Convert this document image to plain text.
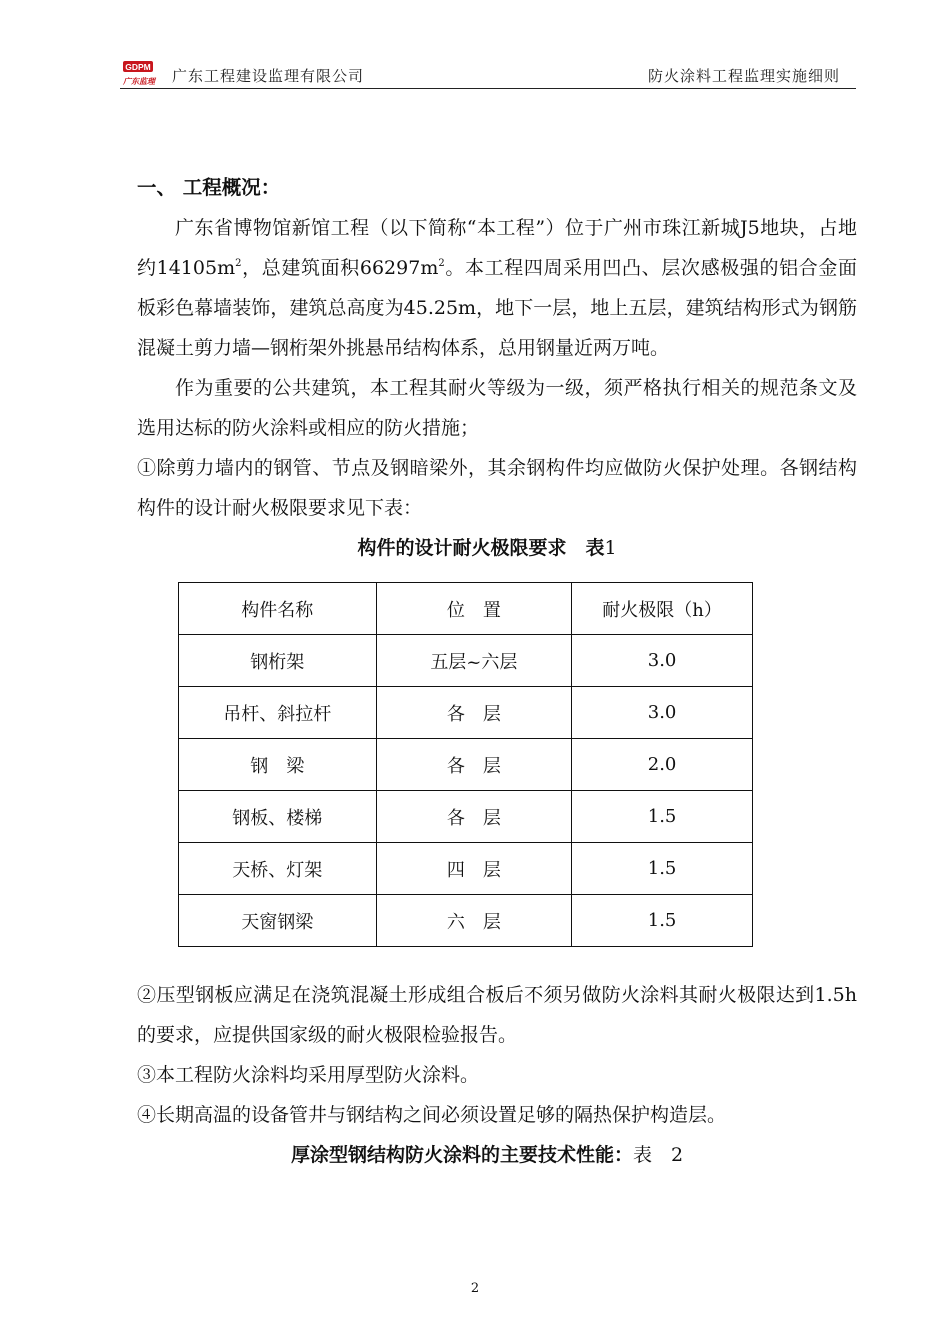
GDPM
广东监理 广东工程建设监理有限公司	防火涂料工程监理实施细则

一、 工程概况：

广东省博物馆新馆工程（以下简称“本工程”）位于广州市珠江新城J5地块，占地约$14105m^2$，总建筑面积$66297m^2$。本工程四周采用凹凸、层次感极强的铝合金面板彩色幕墙装饰，建筑总高度为45.25m，地下一层，地上五层，建筑结构形式为钢筋混凝土剪力墙—钢桁架外挑悬吊结构体系，总用钢量近两万吨。

作为重要的公共建筑，本工程其耐火等级为一级，须严格执行相关的规范条文及选用达标的防火涂料或相应的防火措施；

①除剪力墙内的钢管、节点及钢暗梁外，其余钢构件均应做防火保护处理。各钢结构构件的设计耐火极限要求见下表：

构件的设计耐火极限要求　表1

构件名称	位　置	耐火极限（h）
钢桁架	五层~六层	3.0
吊杆、斜拉杆	各　层	3.0
钢　梁	各　层	2.0
钢板、楼梯	各　层	1.5
天桥、灯架	四　层	1.5
天窗钢梁	六　层	1.5

②压型钢板应满足在浇筑混凝土形成组合板后不须另做防火涂料其耐火极限达到1.5h的要求，应提供国家级的耐火极限检验报告。

③本工程防火涂料均采用厚型防火涂料。

④长期高温的设备管井与钢结构之间必须设置足够的隔热保护构造层。

厚涂型钢结构防火涂料的主要技术性能：表　2

2
